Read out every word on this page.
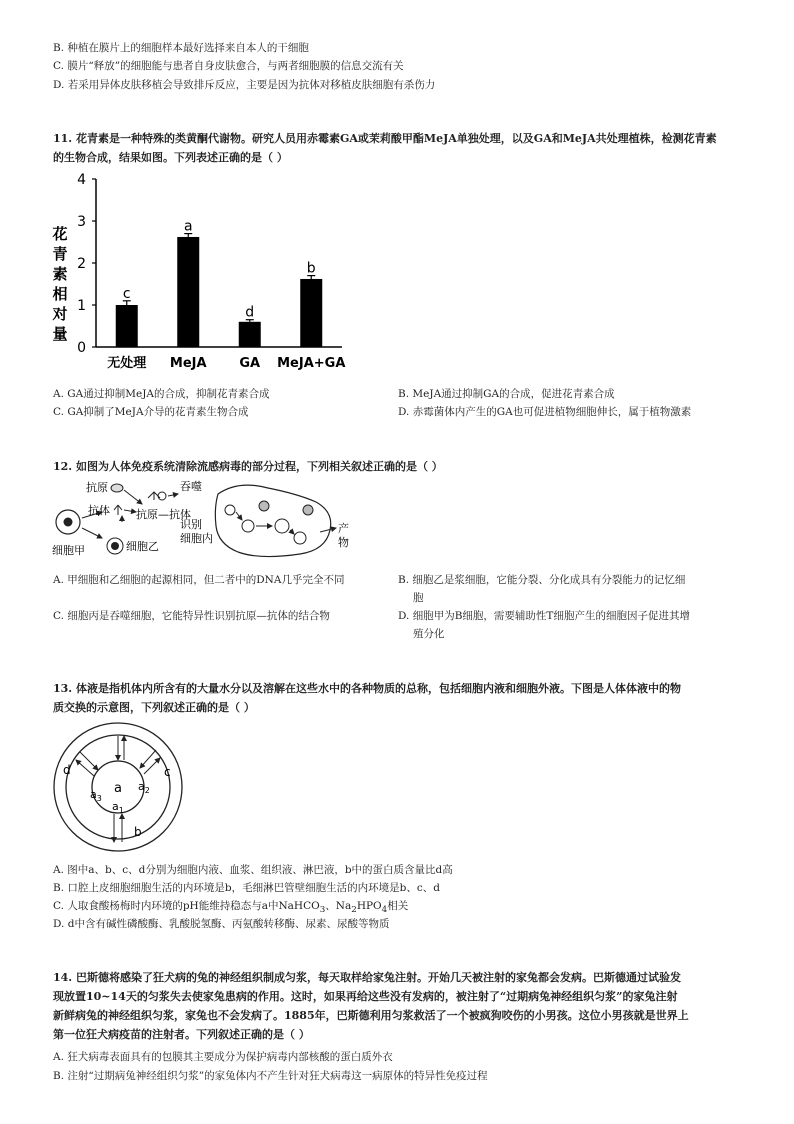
B. 种植在膜片上的细胞样本最好选择来自本人的干细胞
C. 膜片“释放”的细胞能与患者自身皮肤愈合，与两者细胞膜的信息交流有关
D. 若采用异体皮肤移植会导致排斥反应，主要是因为抗体对移植皮肤细胞有杀伤力
11. 花青素是一种特殊的类黄酮代谢物。研究人员用赤霉素GA或茉莉酸甲酯MeJA单独处理，以及GA和MeJA共处理植株，检测花青素
的生物合成，结果如图。下列表述正确的是（ ）
0
1
2
3
4
c
无处理
a
MeJA
d
GA
b
MeJA+GA
花
青
素
相
对
量
A. GA通过抑制MeJA的合成，抑制花青素合成	B. MeJA通过抑制GA的合成，促进花青素合成
C. GA抑制了MeJA介导的花青素生物合成	D. 赤霉菌体内产生的GA也可促进植物细胞伸长，属于植物激素
12. 如图为人体免疫系统清除流感病毒的部分过程，下列相关叙述正确的是（ ）
细胞甲
抗原
抗体 抗原—抗体
细胞乙
吞噬
识别
细胞内
产
物
A. 甲细胞和乙细胞的起源相同，但二者中的DNA几乎完全不同	B. 细胞乙是浆细胞，它能分裂、分化成具有分裂能力的记忆细
胞
C. 细胞丙是吞噬细胞，它能特异性识别抗原—抗体的结合物	D. 细胞甲为B细胞，需要辅助性T细胞产生的细胞因子促进其增
殖分化
13. 体液是指机体内所含有的大量水分以及溶解在这些水中的各种物质的总称，包括细胞内液和细胞外液。下图是人体体液中的物
质交换的示意图，下列叙述正确的是（ ）
d	c
b
a
$a_3$
$a_2$
$a_1$
A. 图中a、b、c、d分别为细胞内液、血浆、组织液、淋巴液，b中的蛋白质含量比d高
B. 口腔上皮细胞细胞生活的内环境是b，毛细淋巴管壁细胞生活的内环境是b、c、d
C. 人取食酸杨梅时内环境的pH能维持稳态与a中NaHCO$_3$、$Na_2HPO_4$相关
D. d中含有碱性磷酸酶、乳酸脱氢酶、丙氨酸转移酶、尿素、尿酸等物质
14. 巴斯德将感染了狂犬病的兔的神经组织制成匀浆，每天取样给家兔注射。开始几天被注射的家兔都会发病。巴斯德通过试验发
现放置10~14天的匀浆失去使家兔患病的作用。这时，如果再给这些没有发病的，被注射了“过期病兔神经组织匀浆”的家兔注射
新鲜病兔的神经组织匀浆，家兔也不会发病了。1885年，巴斯德利用匀浆救活了一个被疯狗咬伤的小男孩。这位小男孩就是世界上
第一位狂犬病疫苗的注射者。下列叙述正确的是（ ）
A. 狂犬病毒表面具有的包膜其主要成分为保护病毒内部核酸的蛋白质外衣
B. 注射“过期病兔神经组织匀浆”的家兔体内不产生针对狂犬病毒这一病原体的特异性免疫过程
